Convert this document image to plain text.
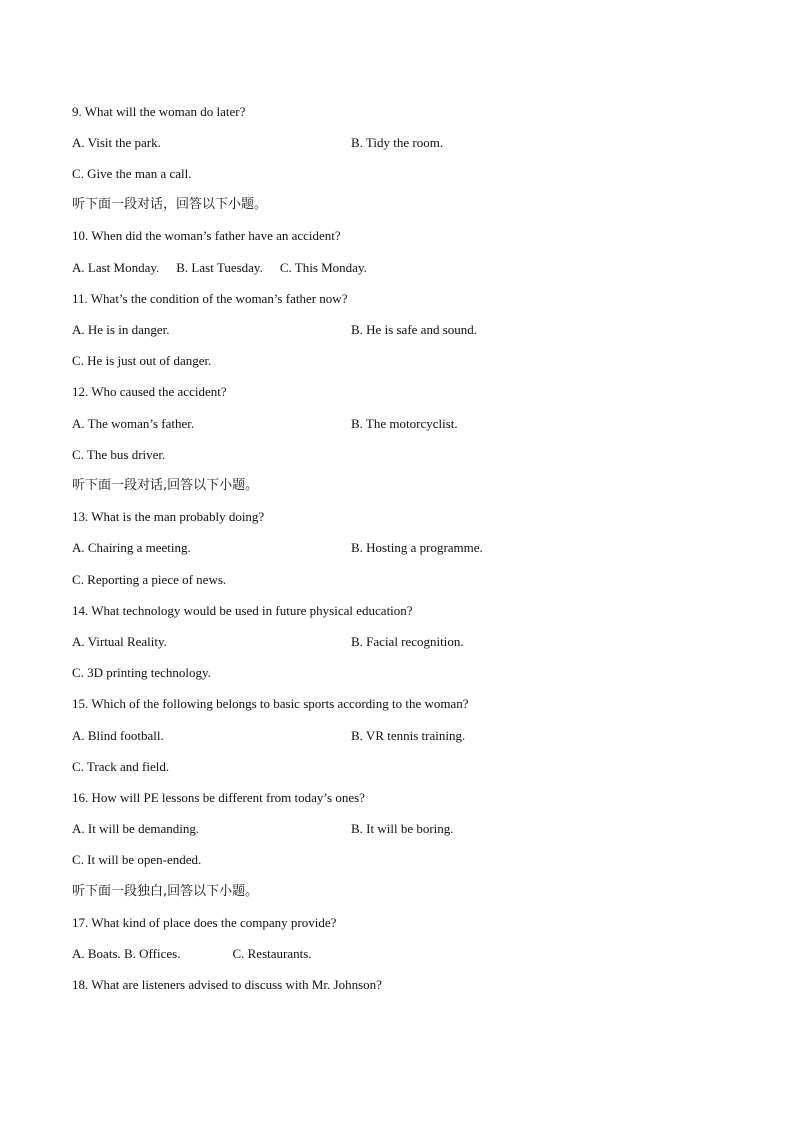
9. What will the woman do later?
A. Visit the park.	B. Tidy the room.
C. Give the man a call.
听下面一段对话，回答以下小题。
10. When did the woman’s father have an accident?
A. Last Monday. B. Last Tuesday. C. This Monday.
11. What’s the condition of the woman’s father now?
A. He is in danger.	B. He is safe and sound.
C. He is just out of danger.
12. Who caused the accident?
A. The woman’s father.	B. The motorcyclist.
C. The bus driver.
听下面一段对话,回答以下小题。
13. What is the man probably doing?
A. Chairing a meeting.	B. Hosting a programme.
C. Reporting a piece of news.
14. What technology would be used in future physical education?
A. Virtual Reality.	B. Facial recognition.
C. 3D printing technology.
15. Which of the following belongs to basic sports according to the woman?
A. Blind football.	B. VR tennis training.
C. Track and field.
16. How will PE lessons be different from today’s ones?
A. It will be demanding.	B. It will be boring.
C. It will be open-ended.
听下面一段独白,回答以下小题。
17. What kind of place does the company provide?
A. Boats. B. Offices.	C. Restaurants.
18. What are listeners advised to discuss with Mr. Johnson?
